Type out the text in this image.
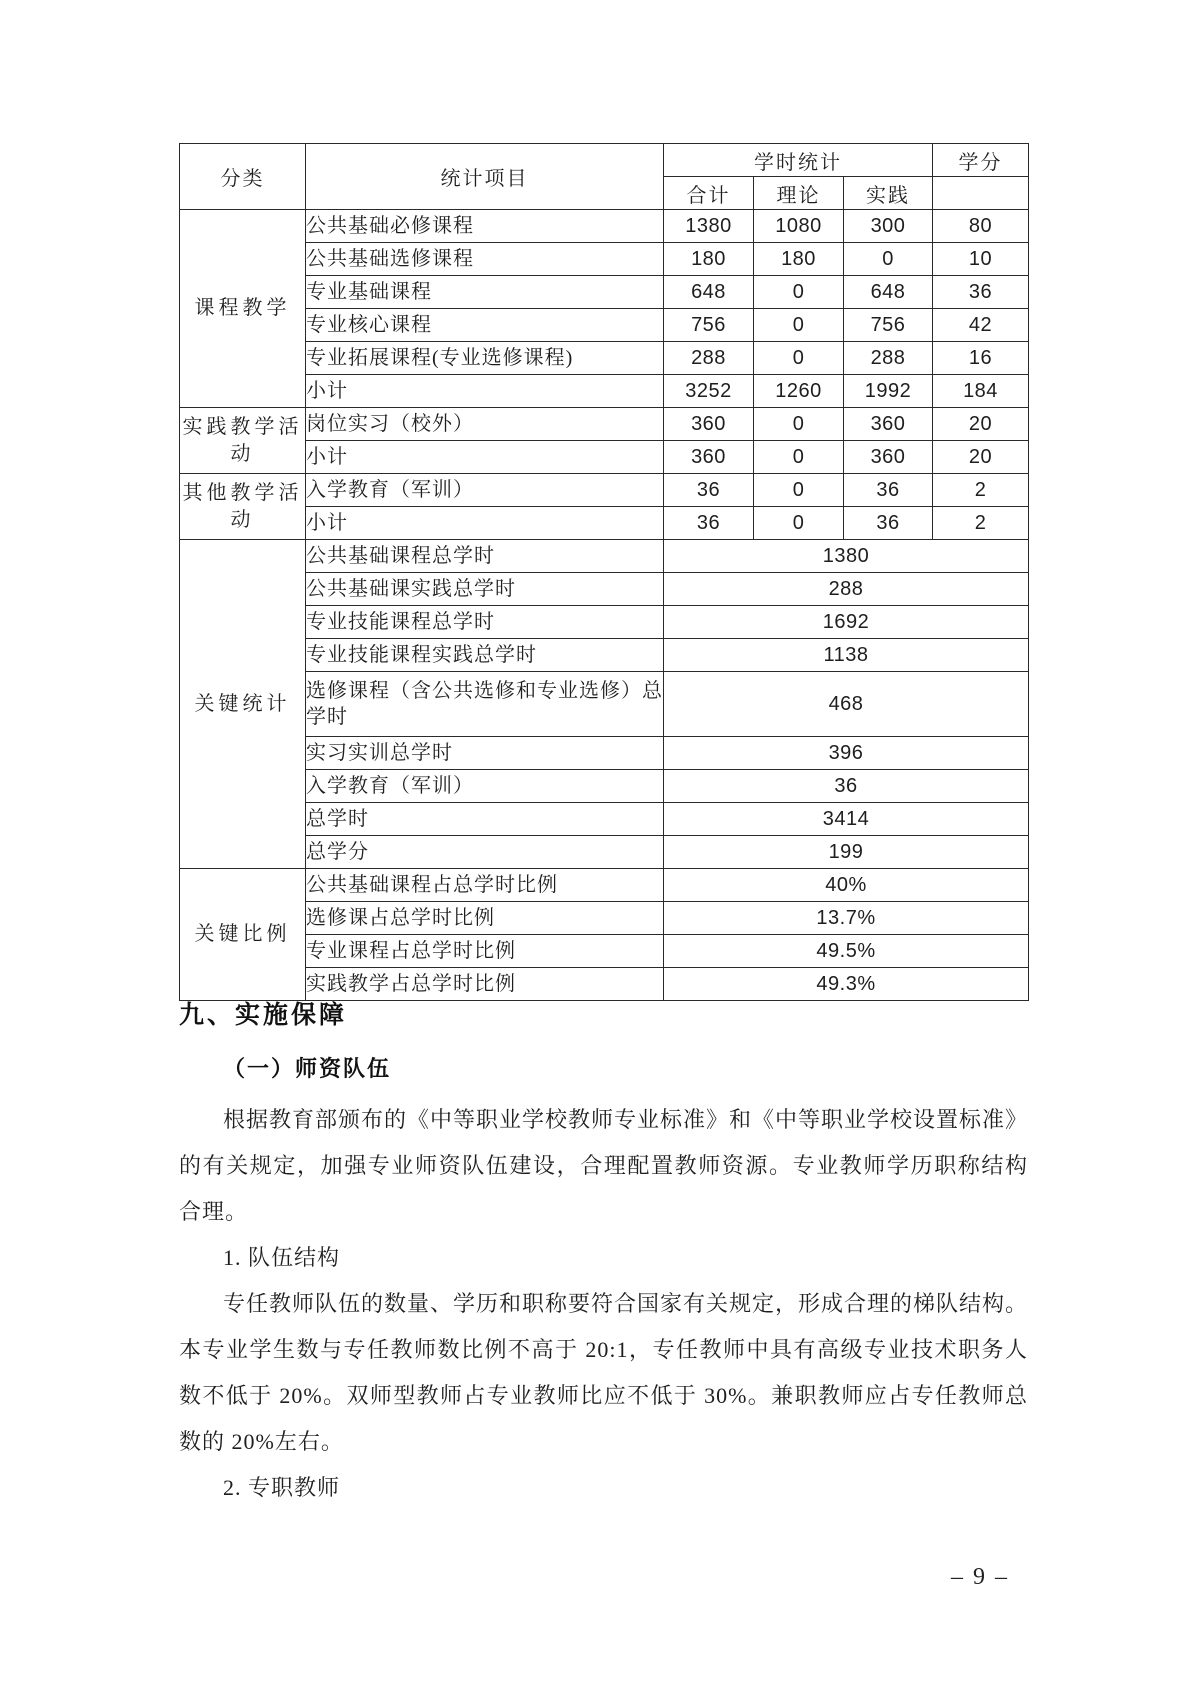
分类	统计项目	学时统计			学分
		合计	理论	实践	
课程教学	公共基础必修课程	1380	1080	300	80
	公共基础选修课程	180	180	0	10
	专业基础课程	648	0	648	36
	专业核心课程	756	0	756	42
	专业拓展课程(专业选修课程)	288	0	288	16
	小计	3252	1260	1992	184
实践教学活动	岗位实习（校外）	360	0	360	20
	小计	360	0	360	20
其他教学活动	入学教育（军训）	36	0	36	2
	小计	36	0	36	2
关键统计	公共基础课程总学时	1380			
	公共基础课实践总学时	288			
	专业技能课程总学时	1692			
	专业技能课程实践总学时	1138			
	选修课程（含公共选修和专业选修）总学时	468			
	实习实训总学时	396			
	入学教育（军训）	36			
	总学时	3414			
	总学分	199			
关键比例	公共基础课程占总学时比例	40%			
	选修课占总学时比例	13.7%			
	专业课程占总学时比例	49.5%			
	实践教学占总学时比例	49.3%			
九、实施保障
（一）师资队伍

根据教育部颁布的《中等职业学校教师专业标准》和《中等职业学校设置标准》的有关规定，加强专业师资队伍建设，合理配置教师资源。专业教师学历职称结构合理。

1. 队伍结构

专任教师队伍的数量、学历和职称要符合国家有关规定，形成合理的梯队结构。本专业学生数与专任教师数比例不高于 20:1，专任教师中具有高级专业技术职务人数不低于 20%。双师型教师占专业教师比应不低于 30%。兼职教师应占专任教师总数的 20%左右。

2. 专职教师

– 9 –
